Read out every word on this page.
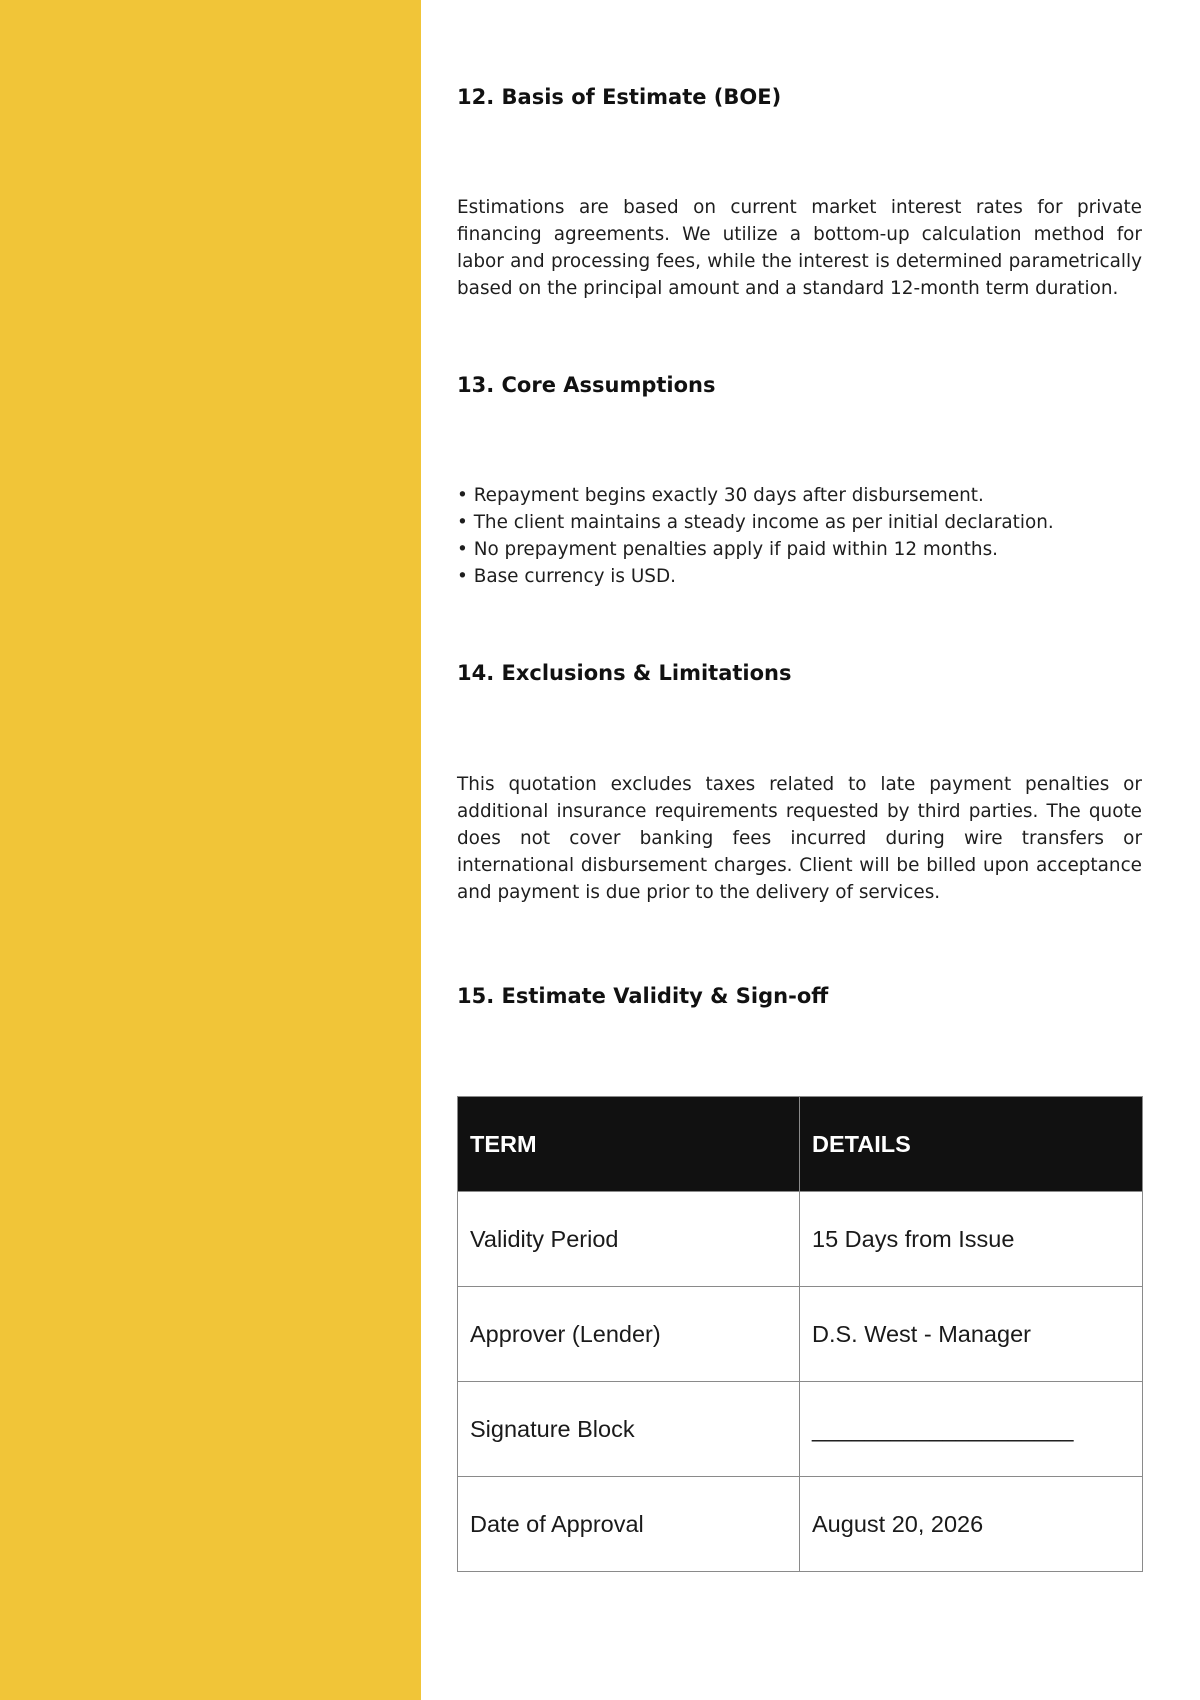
12. Basis of Estimate (BOE)

Estimations are based on current market interest rates for private financing agreements. We utilize a bottom-up calculation method for labor and processing fees, while the interest is determined parametrically based on the principal amount and a standard 12-month term duration.

13. Core Assumptions
• Repayment begins exactly 30 days after disbursement.
• The client maintains a steady income as per initial declaration.
• No prepayment penalties apply if paid within 12 months.
• Base currency is USD.
14. Exclusions & Limitations

This quotation excludes taxes related to late payment penalties or additional insurance requirements requested by third parties. The quote does not cover banking fees incurred during wire transfers or international disbursement charges. Client will be billed upon acceptance and payment is due prior to the delivery of services.

15. Estimate Validity & Sign-off
TERM	DETAILS
Validity Period	15 Days from Issue
Approver (Lender)	D.S. West - Manager
Signature Block	____________________
Date of Approval	August 20, 2026
